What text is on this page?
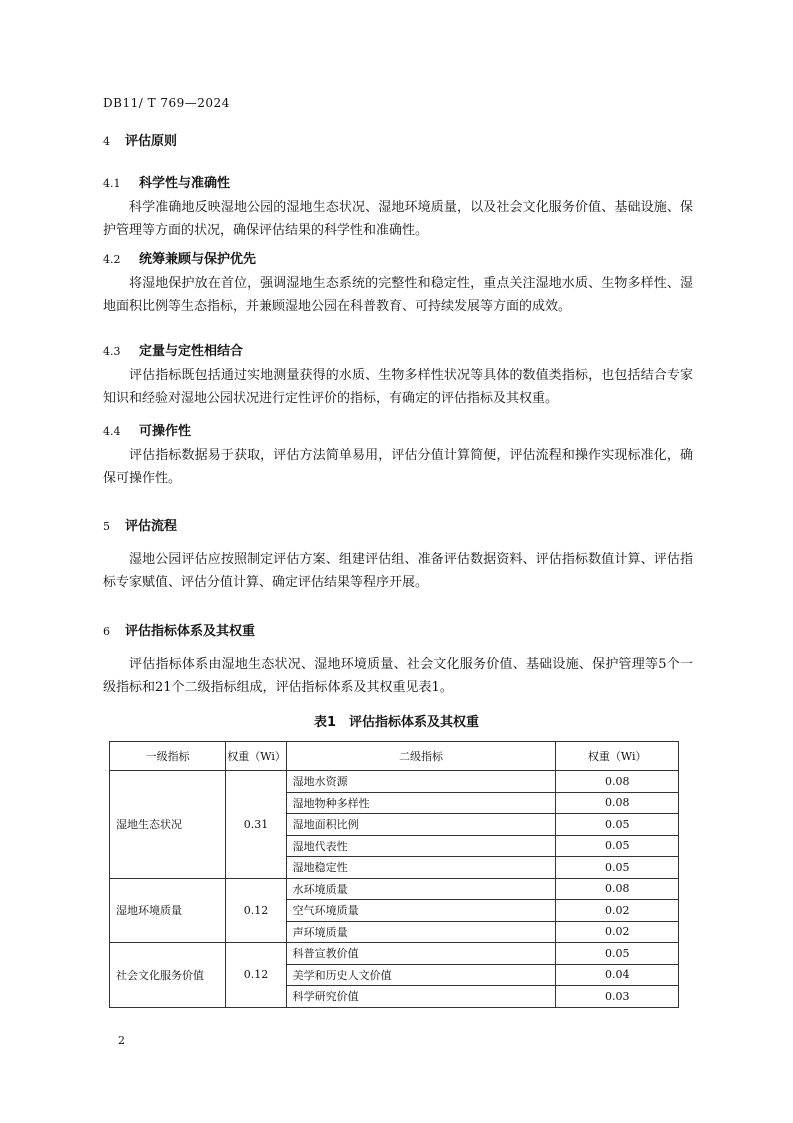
DB11/ T 769—2024
4 评估原则
4.1 科学性与准确性
科学准确地反映湿地公园的湿地生态状况、湿地环境质量，以及社会文化服务价值、基础设施、保护管理等方面的状况，确保评估结果的科学性和准确性。
4.2 统筹兼顾与保护优先
将湿地保护放在首位，强调湿地生态系统的完整性和稳定性，重点关注湿地水质、生物多样性、湿地面积比例等生态指标，并兼顾湿地公园在科普教育、可持续发展等方面的成效。
4.3 定量与定性相结合
评估指标既包括通过实地测量获得的水质、生物多样性状况等具体的数值类指标，也包括结合专家知识和经验对湿地公园状况进行定性评价的指标，有确定的评估指标及其权重。
4.4 可操作性
评估指标数据易于获取，评估方法简单易用，评估分值计算简便，评估流程和操作实现标准化，确保可操作性。
5 评估流程
湿地公园评估应按照制定评估方案、组建评估组、准备评估数据资料、评估指标数值计算、评估指标专家赋值、评估分值计算、确定评估结果等程序开展。
6 评估指标体系及其权重
评估指标体系由湿地生态状况、湿地环境质量、社会文化服务价值、基础设施、保护管理等5个一级指标和21个二级指标组成，评估指标体系及其权重见表1。
表1　评估指标体系及其权重
一级指标	权重（Wi）	二级指标	权重（Wi）
湿地生态状况	0.31	湿地水资源	0.08
		湿地物种多样性	0.08
		湿地面积比例	0.05
		湿地代表性	0.05
		湿地稳定性	0.05
湿地环境质量	0.12	水环境质量	0.08
		空气环境质量	0.02
		声环境质量	0.02
社会文化服务价值	0.12	科普宣教价值	0.05
		美学和历史人文价值	0.04
		科学研究价值	0.03
2
